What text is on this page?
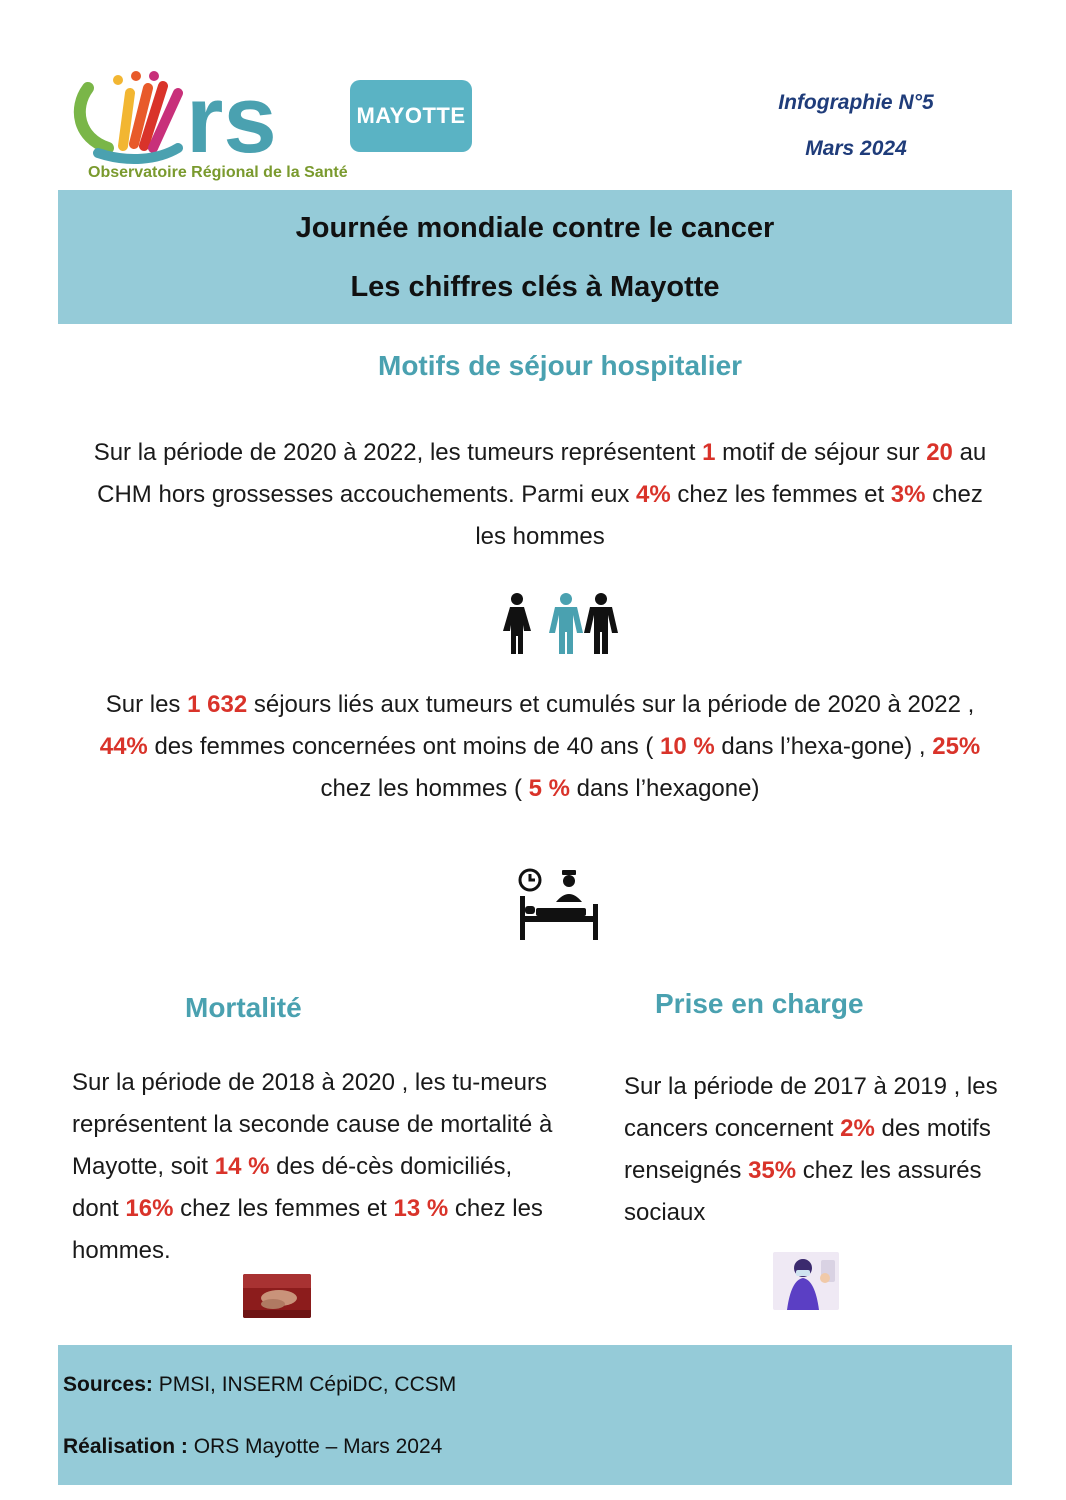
rs	MAYOTTE
Observatoire Régional de la Santé
Infographie N°5
Mars 2024
Journée mondiale contre le cancer
Les chiffres clés à Mayotte
Motifs de séjour hospitalier
Sur la période de 2020 à 2022, les tumeurs représentent 1 motif de séjour sur 20 au CHM hors grossesses accouchements. Parmi eux 4% chez les femmes et 3% chez les hommes
Sur les 1 632 séjours liés aux tumeurs et cumulés sur la période de 2020 à 2022 , 44% des femmes concernées ont moins de 40 ans ( 10 % dans l’hexa-gone) , 25% chez les hommes ( 5 % dans l’hexagone)
Mortalité
Sur la période de 2018 à 2020 , les tu-meurs représentent la seconde cause de mortalité à Mayotte, soit 14 % des dé-cès domiciliés, dont 16% chez les femmes et 13 % chez les hommes.
Prise en charge
Sur la période de 2017 à 2019 , les cancers concernent 2% des motifs renseignés 35% chez les assurés sociaux
Sources: PMSI, INSERM CépiDC, CCSM
Réalisation : ORS Mayotte – Mars 2024
